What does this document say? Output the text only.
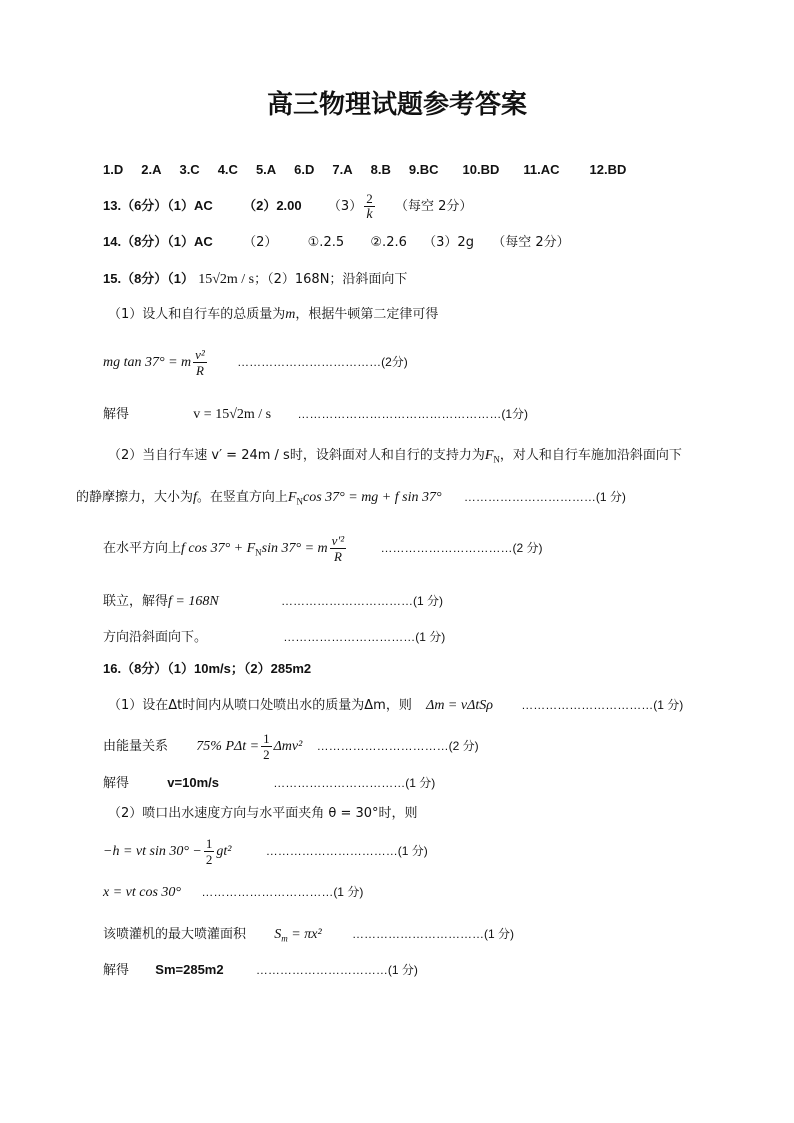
高三物理试题参考答案
1.D 2.A 3.C 4.C 5.A 6.D 7.A 8.B 9.BC 10.BD 11.AC 12.BD
13.（6分）（1）AC （2）2.00 $(3) \frac{2}{k}$ （每空 2分）
14.（8分）（1）AC （2） ①.2.5 ②.2.6 （3）2g （每空 2分）
15.（8分）（1） 15√2m / s；（2）168N；沿斜面向下
（1）设人和自行车的总质量为m，根据牛顿第二定律可得
mg tan 37° = m $\frac{\text{v²}}{R}$	………………………………(2分)
解得	v = 15√2m / s ……………………………………………(1分)
（2）当自行车速 v′ = 24m / s时，设斜面对人和自行的支持力为$F_N$，对人和自行车施加沿斜面向下
的静摩擦力，大小为f。在竖直方向上$F_N\cos$ 37° = mg + f sin 37° ……………………………(1 分)
在水平方向上f $\cos 37^\circ + F_N\sin$ 37° = m $\frac{\text{v′²}}{R}$	……………………………(2 分)
联立，解得f = 168N	……………………………(1 分)
方向沿斜面向下。	……………………………(1 分)
16.（8分）（1）10m/s；（2）285m2
（1）设在Δt时间内从喷口处喷出水的质量为Δm，则 Δm = vΔtSρ ……………………………(1 分)
由能量关系 75% $P\Delta t = \frac{1}{2} \Delta mv^2$ ……………………………(2 分)
解得	v=10m/s	……………………………(1 分)
（2）喷口出水速度方向与水平面夹角 θ = 30°时，则
−h = vt $\sin 30^\circ - \frac{1}{2} gt^2$	……………………………(1 分)
x = vt cos 30° ……………………………(1 分)
该喷灌机的最大喷灌面积 $S_m = \pi x^2$	……………………………(1 分)
解得 Sm=285m2	……………………………(1 分)
